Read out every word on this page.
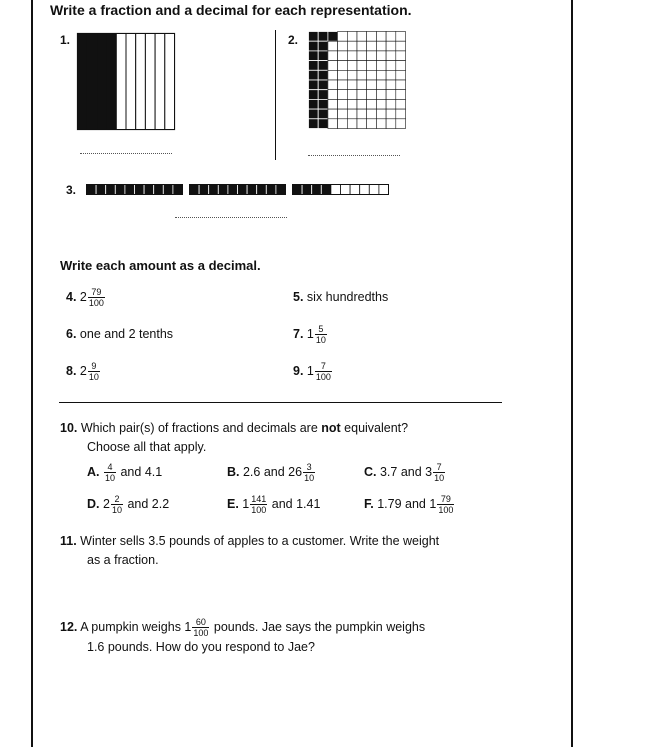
Write a fraction and a decimal for each representation.
1.	2.
3.
Write each amount as a decimal.
4. $2 \frac{79}{100}$	5. six hundredths
6. one and 2 tenths	7. $1 \frac{5}{10}$
8. $2 \frac{9}{10}$	9. $1 \frac{7}{100}$
10. Which pair(s) of fractions and decimals are not equivalent?
Choose all that apply.
A. $\frac{4}{10}$ and 4.1	B. 2.6 and $26 \frac{3}{10}$	C. 3.7 and $3 \frac{7}{10}$
D. $2 \frac{2}{10}$ and 2.2	E. $1 \frac{141}{100}$ and 1.41	F. 1.79 and $1 \frac{79}{100}$
11. Winter sells 3.5 pounds of apples to a customer. Write the weight
as a fraction.
12. A pumpkin weighs $1 \frac{60}{100}$ pounds. Jae says the pumpkin weighs
1.6 pounds. How do you respond to Jae?
